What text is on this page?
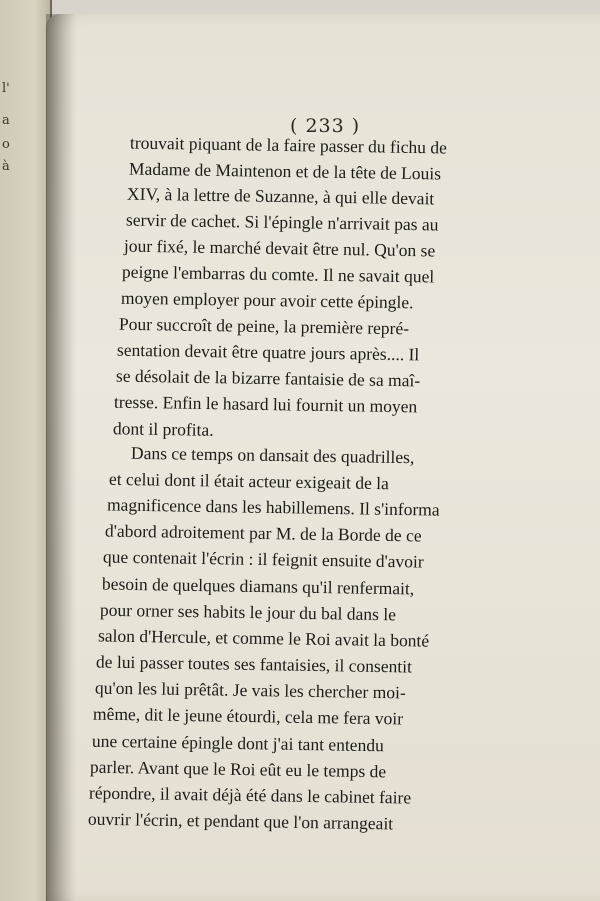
l'
a
o
à
( 233 )
trouvait piquant de la faire passer du fichu de
Madame de Maintenon et de la tête de Louis
XIV, à la lettre de Suzanne, à qui elle devait
servir de cachet. Si l'épingle n'arrivait pas au
jour fixé, le marché devait être nul. Qu'on se
peigne l'embarras du comte. Il ne savait quel
moyen employer pour avoir cette épingle.
Pour succroît de peine, la première repré-
sentation devait être quatre jours après.... Il
se désolait de la bizarre fantaisie de sa maî-
tresse. Enfin le hasard lui fournit un moyen
dont il profita.
Dans ce temps on dansait des quadrilles,
et celui dont il était acteur exigeait de la
magnificence dans les habillemens. Il s'informa
d'abord adroitement par M. de la Borde de ce
que contenait l'écrin : il feignit ensuite d'avoir
besoin de quelques diamans qu'il renfermait,
pour orner ses habits le jour du bal dans le
salon d'Hercule, et comme le Roi avait la bonté
de lui passer toutes ses fantaisies, il consentit
qu'on les lui prêtât. Je vais les chercher moi-
même, dit le jeune étourdi, cela me fera voir
une certaine épingle dont j'ai tant entendu
parler. Avant que le Roi eût eu le temps de
répondre, il avait déjà été dans le cabinet faire
ouvrir l'écrin, et pendant que l'on arrangeait
